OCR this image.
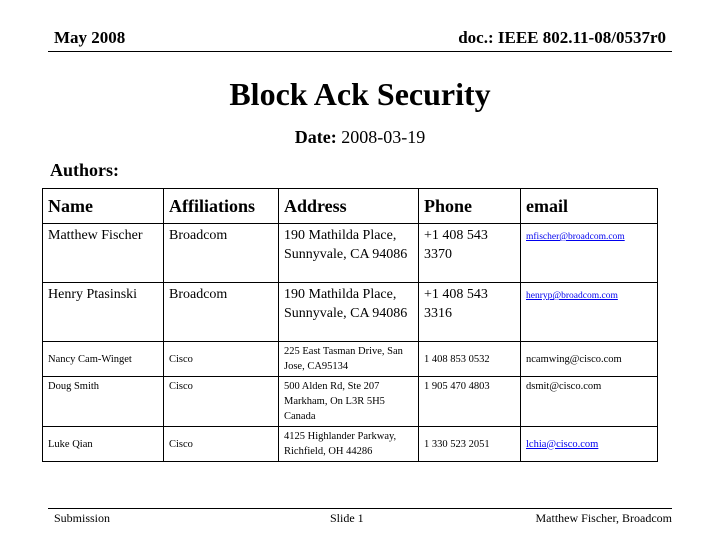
May 2008	doc.: IEEE 802.11-08/0537r0
Block Ack Security
Date: 2008-03-19
Authors:
Name	Affiliations	Address	Phone	email
Matthew Fischer	Broadcom	190 Mathilda Place, Sunnyvale, CA 94086	+1 408 543 3370	mfischer@broadcom.com
Henry Ptasinski	Broadcom	190 Mathilda Place, Sunnyvale, CA 94086	+1 408 543 3316	henryp@broadcom.com
Nancy Cam-Winget	Cisco	225 East Tasman Drive, San Jose, CA95134	1 408 853 0532	ncamwing@cisco.com
Doug Smith	Cisco	500 Alden Rd, Ste 207 Markham, On L3R 5H5 Canada	1 905 470 4803	dsmit@cisco.com
Luke Qian	Cisco	4125 Highlander Parkway, Richfield, OH 44286	1 330 523 2051	lchia@cisco.com
Submission	Slide 1	Matthew Fischer, Broadcom
